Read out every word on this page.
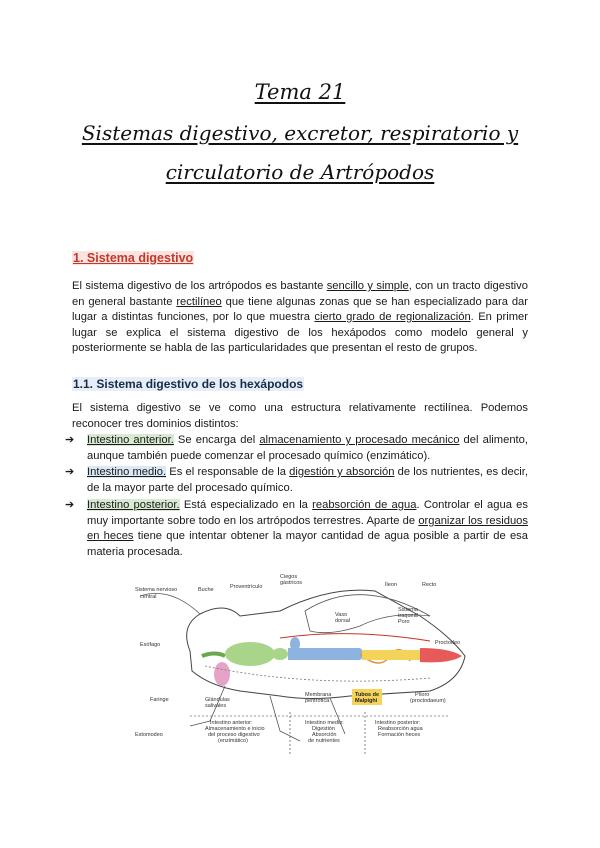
Tema 21
Sistemas digestivo, excretor, respiratorio y
circulatorio de Artrópodos
1. Sistema digestivo
El sistema digestivo de los artrópodos es bastante sencillo y simple, con un tracto digestivo en general bastante rectilíneo que tiene algunas zonas que se han especializado para dar lugar a distintas funciones, por lo que muestra cierto grado de regionalización. En primer lugar se explica el sistema digestivo de los hexápodos como modelo general y posteriormente se habla de las particularidades que presentan el resto de grupos.
1.1. Sistema digestivo de los hexápodos
El sistema digestivo se ve como una estructura relativamente rectilínea. Podemos reconocer tres dominios distintos:
➔ Intestino anterior. Se encarga del almacenamiento y procesado mecánico del alimento, aunque también puede comenzar el procesado químico (enzimático).
➔ Intestino medio. Es el responsable de la digestión y absorción de los nutrientes, es decir, de la mayor parte del procesado químico.
➔ Intestino posterior. Está especializado en la reabsorción de agua. Controlar el agua es muy importante sobre todo en los artrópodos terrestres. Aparte de organizar los residuos en heces tiene que intentar obtener la mayor cantidad de agua posible a partir de esa materia procesada.
Sistema nervioso
central
Buche	Proventrículo
Ciegos
gástricos
Vaso
dorsal
Íleon	Recto
Sistema
traqueal
Poro
Proctodeo
Esófago
Faringe	Glándulas
salivales
Membrana
peritrófica
Tubos de
Malpighi
Píloro
(proctodaeum)
Estomodeo
Intestino anterior:
Almacenamiento e inicio
del proceso digestivo
(enzimático)
Intestino medio:
Digestión
Absorción
de nutrientes
Intestino posterior:
Reabsorción agua
Formación heces
